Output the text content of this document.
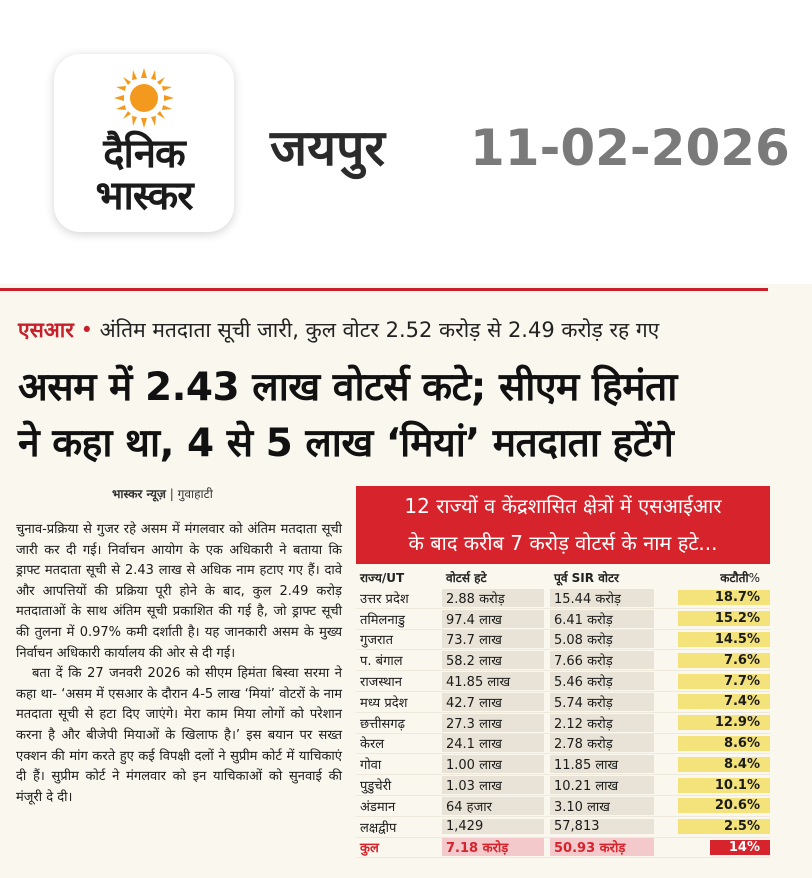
दैनिक
भास्कर
जयपुर 11-02-2026
एसआर • अंतिम मतदाता सूची जारी, कुल वोटर 2.52 करोड़ से 2.49 करोड़ रह गए
असम में 2.43 लाख वोटर्स कटे; सीएम हिमंता
ने कहा था, 4 से 5 लाख ‘मियां’ मतदाता हटेंगे
भास्कर न्यूज़ | गुवाहाटी

चुनाव-प्रक्रिया से गुजर रहे असम में मंगलवार को अंतिम मतदाता सूची जारी कर दी गई। निर्वाचन आयोग के एक अधिकारी ने बताया कि ड्राफ्ट मतदाता सूची से 2.43 लाख से अधिक नाम हटाए गए हैं। दावे और आपत्तियों की प्रक्रिया पूरी होने के बाद, कुल 2.49 करोड़ मतदाताओं के साथ अंतिम सूची प्रकाशित की गई है, जो ड्राफ्ट सूची की तुलना में 0.97% कमी दर्शाती है। यह जानकारी असम के मुख्य निर्वाचन अधिकारी कार्यालय की ओर से दी गई।

बता दें कि 27 जनवरी 2026 को सीएम हिमंता बिस्वा सरमा ने कहा था- ‘असम में एसआर के दौरान 4-5 लाख ‘मियां’ वोटरों के नाम मतदाता सूची से हटा दिए जाएंगे। मेरा काम मिया लोगों को परेशान करना है और बीजेपी मियाओं के खिलाफ है।’ इस बयान पर सख्त एक्शन की मांग करते हुए कई विपक्षी दलों ने सुप्रीम कोर्ट में याचिकाएं दी हैं। सुप्रीम कोर्ट ने मंगलवार को इन याचिकाओं को सुनवाई की मंजूरी दे दी।

12 राज्यों व केंद्रशासित क्षेत्रों में एसआईआर
के बाद करीब 7 करोड़ वोटर्स के नाम हटे...
राज्य/UT	वोटर्स हटे	पूर्व SIR वोटर	कटौती%
उत्तर प्रदेश	2.88 करोड़	15.44 करोड़	18.7%
तमिलनाडु	97.4 लाख	6.41 करोड़	15.2%
गुजरात	73.7 लाख	5.08 करोड़	14.5%
प. बंगाल	58.2 लाख	7.66 करोड़	7.6%
राजस्थान	41.85 लाख	5.46 करोड़	7.7%
मध्य प्रदेश	42.7 लाख	5.74 करोड़	7.4%
छत्तीसगढ़	27.3 लाख	2.12 करोड़	12.9%
केरल	24.1 लाख	2.78 करोड़	8.6%
गोवा	1.00 लाख	11.85 लाख	8.4%
पुडुचेरी	1.03 लाख	10.21 लाख	10.1%
अंडमान	64 हजार	3.10 लाख	20.6%
लक्षद्वीप	1,429	57,813	2.5%
कुल	7.18 करोड़	50.93 करोड़	14%
